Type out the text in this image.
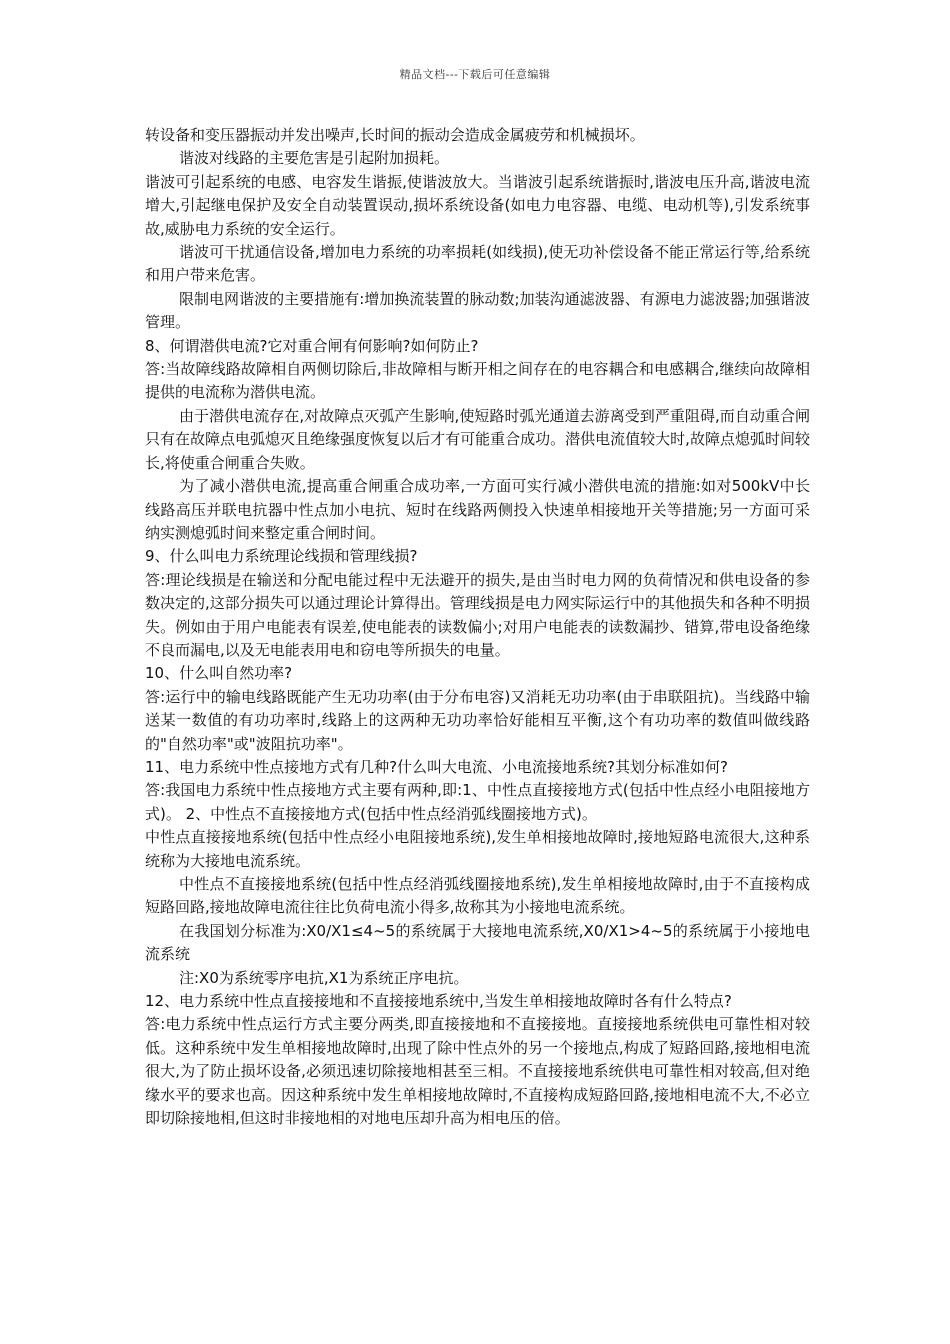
精品文档---下载后可任意编辑

转设备和变压器振动并发出噪声,长时间的振动会造成金属疲劳和机械损坏。

谐波对线路的主要危害是引起附加损耗。

谐波可引起系统的电感、电容发生谐振,使谐波放大。当谐波引起系统谐振时,谐波电压升高,谐波电流增大,引起继电保护及安全自动装置误动,损坏系统设备(如电力电容器、电缆、电动机等),引发系统事故,威胁电力系统的安全运行。

谐波可干扰通信设备,增加电力系统的功率损耗(如线损),使无功补偿设备不能正常运行等,给系统和用户带来危害。

限制电网谐波的主要措施有:增加换流装置的脉动数;加装沟通滤波器、有源电力滤波器;加强谐波管理。

8、何谓潜供电流?它对重合闸有何影响?如何防止?

答:当故障线路故障相自两侧切除后,非故障相与断开相之间存在的电容耦合和电感耦合,继续向故障相提供的电流称为潜供电流。

由于潜供电流存在,对故障点灭弧产生影响,使短路时弧光通道去游离受到严重阻碍,而自动重合闸只有在故障点电弧熄灭且绝缘强度恢复以后才有可能重合成功。潜供电流值较大时,故障点熄弧时间较长,将使重合闸重合失败。

为了减小潜供电流,提高重合闸重合成功率,一方面可实行减小潜供电流的措施:如对500kV中长线路高压并联电抗器中性点加小电抗、短时在线路两侧投入快速单相接地开关等措施;另一方面可采纳实测熄弧时间来整定重合闸时间。

9、什么叫电力系统理论线损和管理线损?

答:理论线损是在输送和分配电能过程中无法避开的损失,是由当时电力网的负荷情况和供电设备的参数决定的,这部分损失可以通过理论计算得出。管理线损是电力网实际运行中的其他损失和各种不明损失。例如由于用户电能表有误差,使电能表的读数偏小;对用户电能表的读数漏抄、错算,带电设备绝缘不良而漏电,以及无电能表用电和窃电等所损失的电量。

10、什么叫自然功率?

答:运行中的输电线路既能产生无功功率(由于分布电容)又消耗无功功率(由于串联阻抗)。当线路中输送某一数值的有功功率时,线路上的这两种无功功率恰好能相互平衡,这个有功功率的数值叫做线路的"自然功率"或"波阻抗功率"。

11、电力系统中性点接地方式有几种?什么叫大电流、小电流接地系统?其划分标准如何?

答:我国电力系统中性点接地方式主要有两种,即:1、中性点直接接地方式(包括中性点经小电阻接地方式)。 2、中性点不直接接地方式(包括中性点经消弧线圈接地方式)。

中性点直接接地系统(包括中性点经小电阻接地系统),发生单相接地故障时,接地短路电流很大,这种系统称为大接地电流系统。

中性点不直接接地系统(包括中性点经消弧线圈接地系统),发生单相接地故障时,由于不直接构成短路回路,接地故障电流往往比负荷电流小得多,故称其为小接地电流系统。

在我国划分标准为:X0/X1≤4~5的系统属于大接地电流系统,X0/X1>4~5的系统属于小接地电流系统

注:X0为系统零序电抗,X1为系统正序电抗。

12、电力系统中性点直接接地和不直接接地系统中,当发生单相接地故障时各有什么特点?

答:电力系统中性点运行方式主要分两类,即直接接地和不直接接地。直接接地系统供电可靠性相对较低。这种系统中发生单相接地故障时,出现了除中性点外的另一个接地点,构成了短路回路,接地相电流很大,为了防止损坏设备,必须迅速切除接地相甚至三相。不直接接地系统供电可靠性相对较高,但对绝缘水平的要求也高。因这种系统中发生单相接地故障时,不直接构成短路回路,接地相电流不大,不必立即切除接地相,但这时非接地相的对地电压却升高为相电压的倍。
